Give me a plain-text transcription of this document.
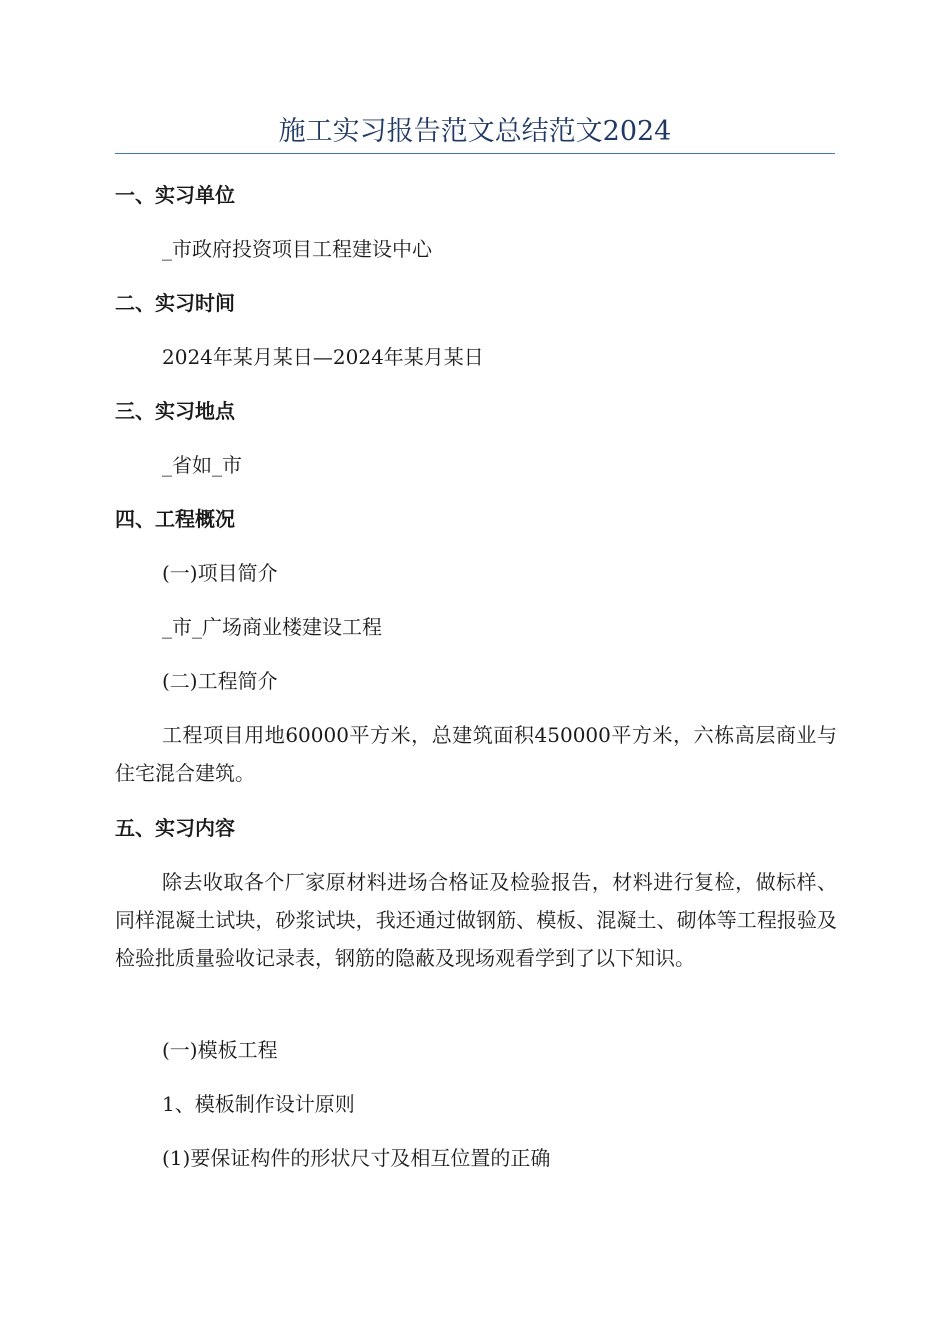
施工实习报告范文总结范文2024
一、实习单位
_市政府投资项目工程建设中心
二、实习时间
2024年某月某日—2024年某月某日
三、实习地点
_省如_市
四、工程概况
(一)项目简介
_市_广场商业楼建设工程
(二)工程简介
工程项目用地60000平方米，总建筑面积450000平方米，六栋高层商业与住宅混合建筑。
五、实习内容
除去收取各个厂家原材料进场合格证及检验报告，材料进行复检，做标样、同样混凝土试块，砂浆试块，我还通过做钢筋、模板、混凝土、砌体等工程报验及检验批质量验收记录表，钢筋的隐蔽及现场观看学到了以下知识。
(一)模板工程
1、模板制作设计原则
(1)要保证构件的形状尺寸及相互位置的正确
